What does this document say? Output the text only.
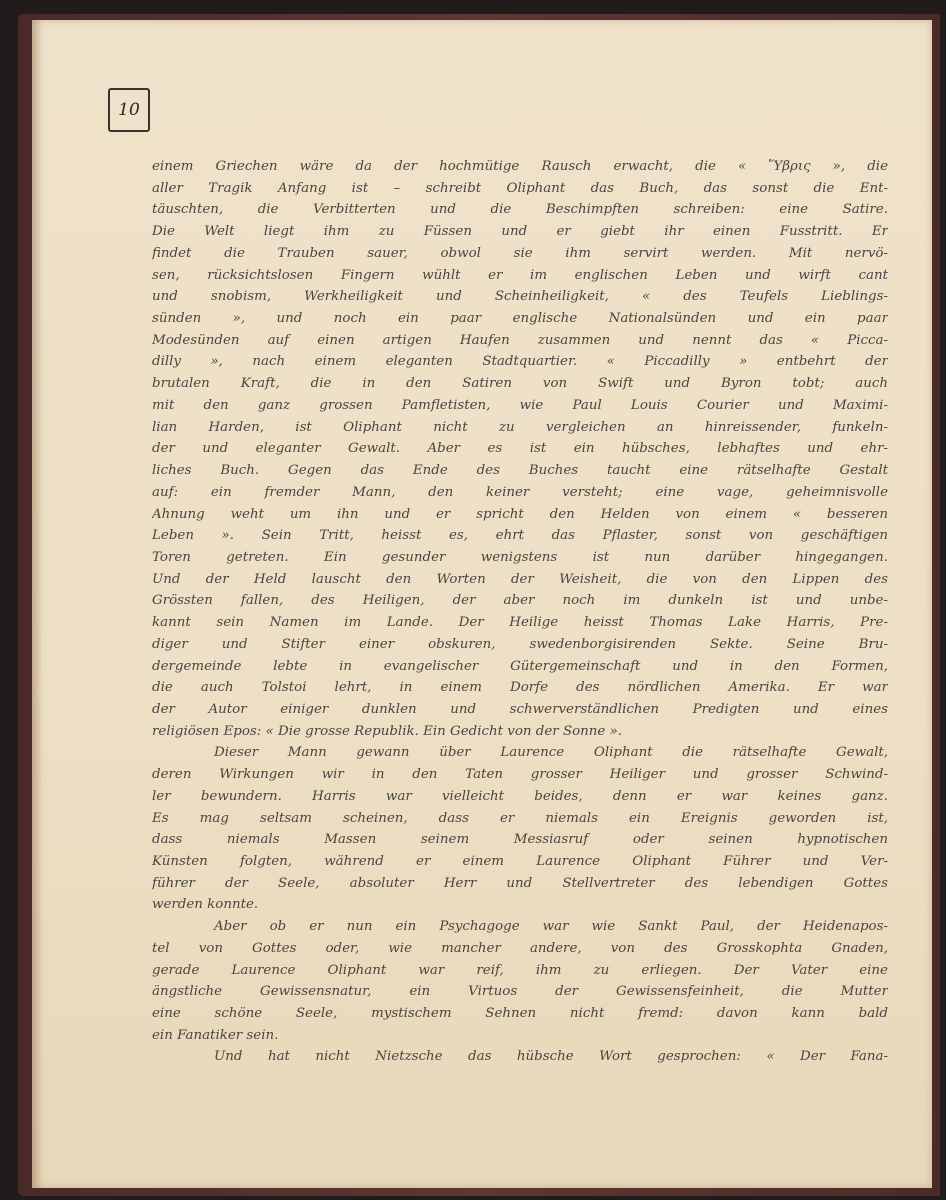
10
einem Griechen wäre da der hochmütige Rausch erwacht, die « Ὕβρις », die
aller Tragik Anfang ist – schreibt Oliphant das Buch, das sonst die Ent-
täuschten, die Verbitterten und die Beschimpften schreiben: eine Satire.
Die Welt liegt ihm zu Füssen und er giebt ihr einen Fusstritt. Er
findet die Trauben sauer, obwol sie ihm servirt werden. Mit nervö-
sen, rücksichtslosen Fingern wühlt er im englischen Leben und wirft cant
und snobism, Werkheiligkeit und Scheinheiligkeit, « des Teufels Lieblings-
sünden », und noch ein paar englische Nationalsünden und ein paar
Modesünden auf einen artigen Haufen zusammen und nennt das « Picca-
dilly », nach einem eleganten Stadtquartier. « Piccadilly » entbehrt der
brutalen Kraft, die in den Satiren von Swift und Byron tobt; auch
mit den ganz grossen Pamfletisten, wie Paul Louis Courier und Maximi-
lian Harden, ist Oliphant nicht zu vergleichen an hinreissender, funkeln-
der und eleganter Gewalt. Aber es ist ein hübsches, lebhaftes und ehr-
liches Buch. Gegen das Ende des Buches taucht eine rätselhafte Gestalt
auf: ein fremder Mann, den keiner versteht; eine vage, geheimnisvolle
Ahnung weht um ihn und er spricht den Helden von einem « besseren
Leben ». Sein Tritt, heisst es, ehrt das Pflaster, sonst von geschäftigen
Toren getreten. Ein gesunder wenigstens ist nun darüber hingegangen.
Und der Held lauscht den Worten der Weisheit, die von den Lippen des
Grössten fallen, des Heiligen, der aber noch im dunkeln ist und unbe-
kannt sein Namen im Lande. Der Heilige heisst Thomas Lake Harris, Pre-
diger und Stifter einer obskuren, swedenborgisirenden Sekte. Seine Bru-
dergemeinde lebte in evangelischer Gütergemeinschaft und in den Formen,
die auch Tolstoi lehrt, in einem Dorfe des nördlichen Amerika. Er war
der Autor einiger dunklen und schwerverständlichen Predigten und eines
religiösen Epos: « Die grosse Republik. Ein Gedicht von der Sonne ».
Dieser Mann gewann über Laurence Oliphant die rätselhafte Gewalt,
deren Wirkungen wir in den Taten grosser Heiliger und grosser Schwind-
ler bewundern. Harris war vielleicht beides, denn er war keines ganz.
Es mag seltsam scheinen, dass er niemals ein Ereignis geworden ist,
dass niemals Massen seinem Messiasruf oder seinen hypnotischen
Künsten folgten, während er einem Laurence Oliphant Führer und Ver-
führer der Seele, absoluter Herr und Stellvertreter des lebendigen Gottes
werden konnte.
Aber ob er nun ein Psychagoge war wie Sankt Paul, der Heidenapos-
tel von Gottes oder, wie mancher andere, von des Grosskophta Gnaden,
gerade Laurence Oliphant war reif, ihm zu erliegen. Der Vater eine
ängstliche Gewissensnatur, ein Virtuos der Gewissensfeinheit, die Mutter
eine schöne Seele, mystischem Sehnen nicht fremd: davon kann bald
ein Fanatiker sein.
Und hat nicht Nietzsche das hübsche Wort gesprochen: « Der Fana-
